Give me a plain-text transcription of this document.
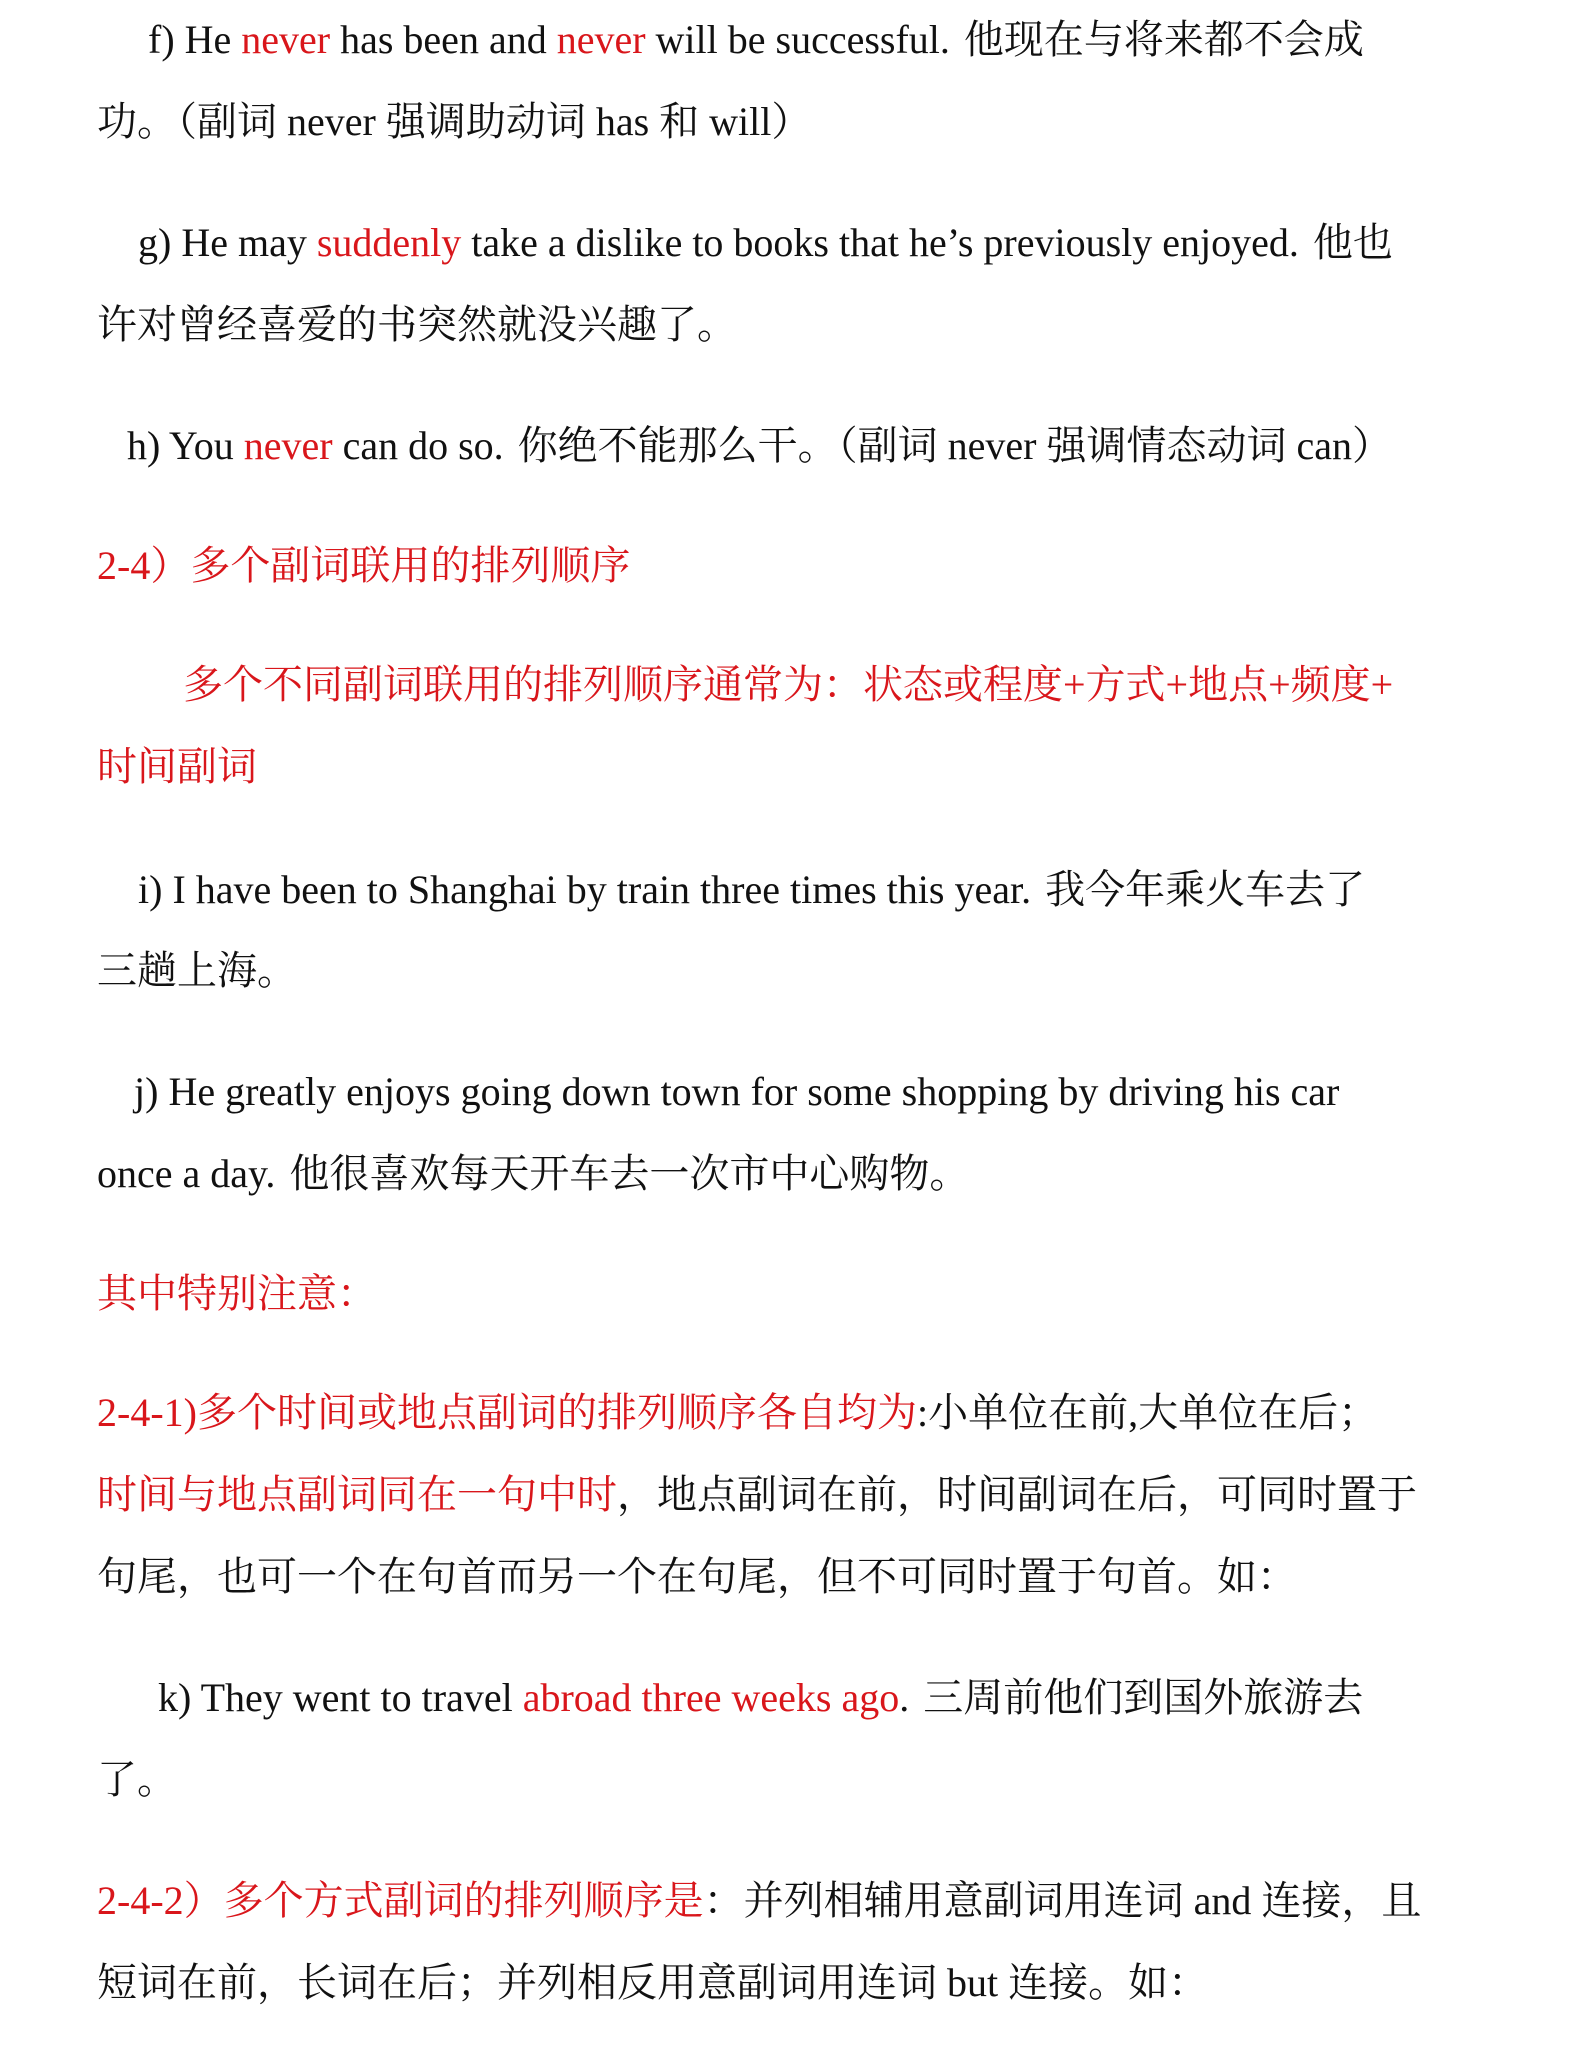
f) He never has been and never will be successful. 他现在与将来都不会成
功。（副词 never 强调助动词 has 和 will）
g) He may suddenly take a dislike to books that he’s previously enjoyed. 他也
许对曾经喜爱的书突然就没兴趣了。
h) You never can do so. 你绝不能那么干。（副词 never 强调情态动词 can）
2-4）多个副词联用的排列顺序
多个不同副词联用的排列顺序通常为：状态或程度+方式+地点+频度+
时间副词
i) I have been to Shanghai by train three times this year. 我今年乘火车去了
三趟上海。
j) He greatly enjoys going down town for some shopping by driving his car
once a day. 他很喜欢每天开车去一次市中心购物。
其中特别注意：
2-4-1)多个时间或地点副词的排列顺序各自均为:小单位在前,大单位在后；
时间与地点副词同在一句中时，地点副词在前，时间副词在后，可同时置于
句尾，也可一个在句首而另一个在句尾，但不可同时置于句首。如：
k) They went to travel abroad three weeks ago. 三周前他们到国外旅游去
了。
2-4-2）多个方式副词的排列顺序是：并列相辅用意副词用连词 and 连接，且
短词在前，长词在后；并列相反用意副词用连词 but 连接。如：
